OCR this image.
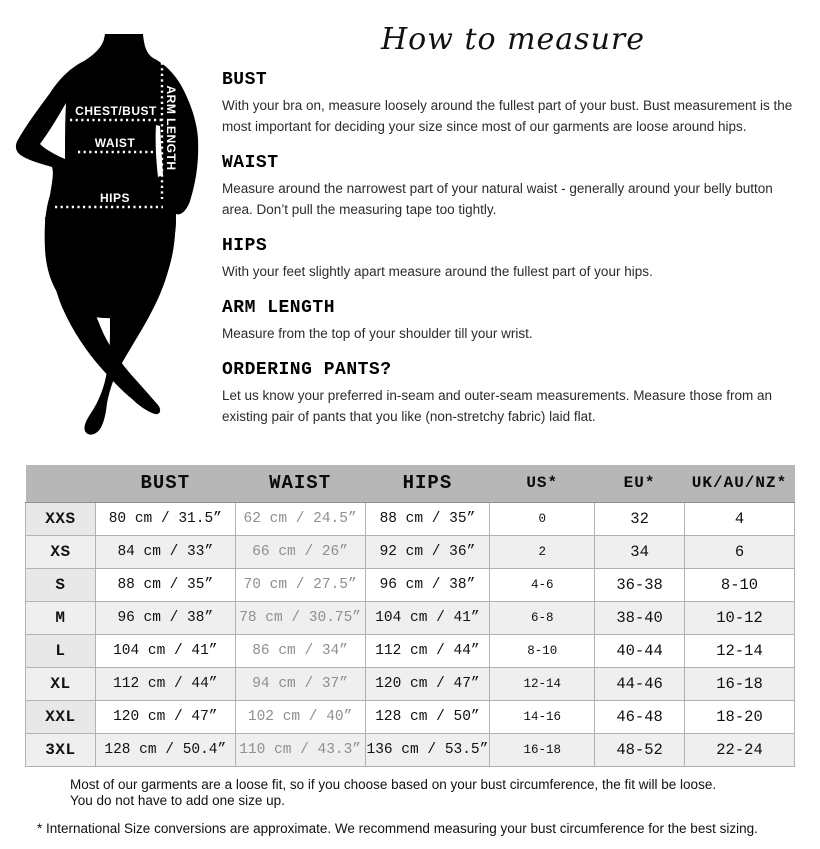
How to measure
CHEST/BUST
WAIST
HIPS
ARM LENGTH
BUST

With your bra on, measure loosely around the fullest part of your bust. Bust measurement is the most important for deciding your size since most of our garments are loose around hips.

WAIST

Measure around the narrowest part of your natural waist - generally around your belly button area. Don’t pull the measuring tape too tightly.

HIPS

With your feet slightly apart measure around the fullest part of your hips.

ARM LENGTH

Measure from the top of your shoulder till your wrist.

ORDERING PANTS?

Let us know your preferred in-seam and outer-seam measurements. Measure those from an existing pair of pants that you like (non-stretchy fabric) laid flat.

	BUST	WAIST	HIPS	US*	EU*	UK/AU/NZ*
XXS	80 cm / 31.5”	62 cm / 24.5”	88 cm / 35”	0	32	4
XS	84 cm / 33”	66 cm / 26”	92 cm / 36”	2	34	6
S	88 cm / 35”	70 cm / 27.5”	96 cm / 38”	4-6	36-38	8-10
M	96 cm / 38”	78 cm / 30.75”	104 cm / 41”	6-8	38-40	10-12
L	104 cm / 41”	86 cm / 34”	112 cm / 44”	8-10	40-44	12-14
XL	112 cm / 44”	94 cm / 37”	120 cm / 47”	12-14	44-46	16-18
XXL	120 cm / 47”	102 cm / 40”	128 cm / 50”	14-16	46-48	18-20
3XL	128 cm / 50.4”	110 cm / 43.3”	136 cm / 53.5”	16-18	48-52	22-24
Most of our garments are a loose fit, so if you choose based on your bust circumference, the fit will be loose.
You do not have to add one size up.
* International Size conversions are approximate. We recommend measuring your bust circumference for the best sizing.
